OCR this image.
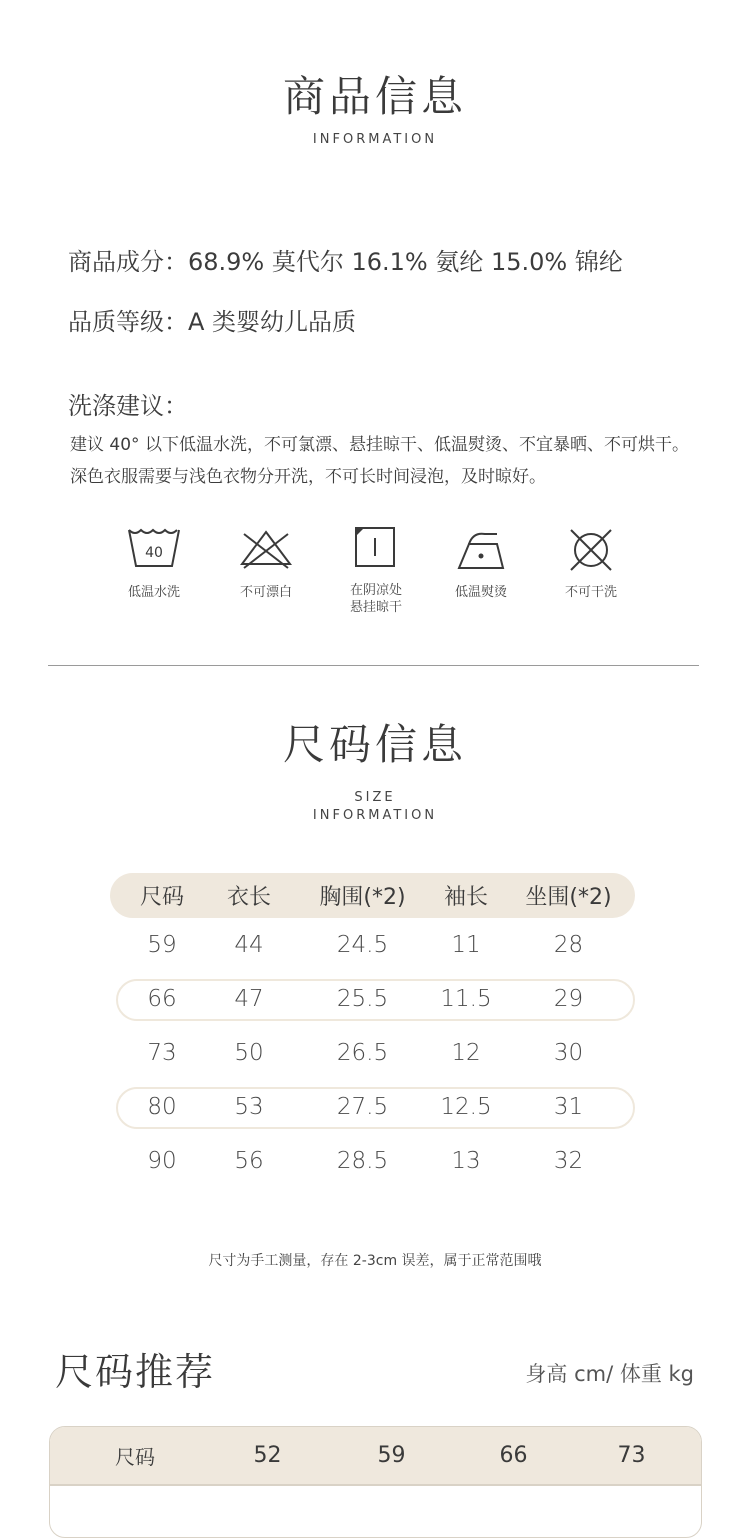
商品信息
INFORMATION
商品成分：68.9% 莫代尔 16.1% 氨纶 15.0% 锦纶
品质等级：A 类婴幼儿品质
洗涤建议：
建议 40° 以下低温水洗，不可氯漂、悬挂晾干、低温熨烫、不宜暴晒、不可烘干。
深色衣服需要与浅色衣物分开洗，不可长时间浸泡，及时晾好。
40
低温水洗	不可漂白	在阴凉处
悬挂晾干
低温熨烫	不可干洗
尺码信息
SIZE
INFORMATION
尺码	衣长	胸围(*2)	袖长	坐围(*2)
59	44	24.5	11	28
66	47	25.5	11.5	29
73	50	26.5	12	30
80	53	27.5	12.5	31
90	56	28.5	13	32
尺寸为手工测量，存在 2-3cm 误差，属于正常范围哦
尺码推荐	身高 cm/ 体重 kg
尺码	52	59	66	73
